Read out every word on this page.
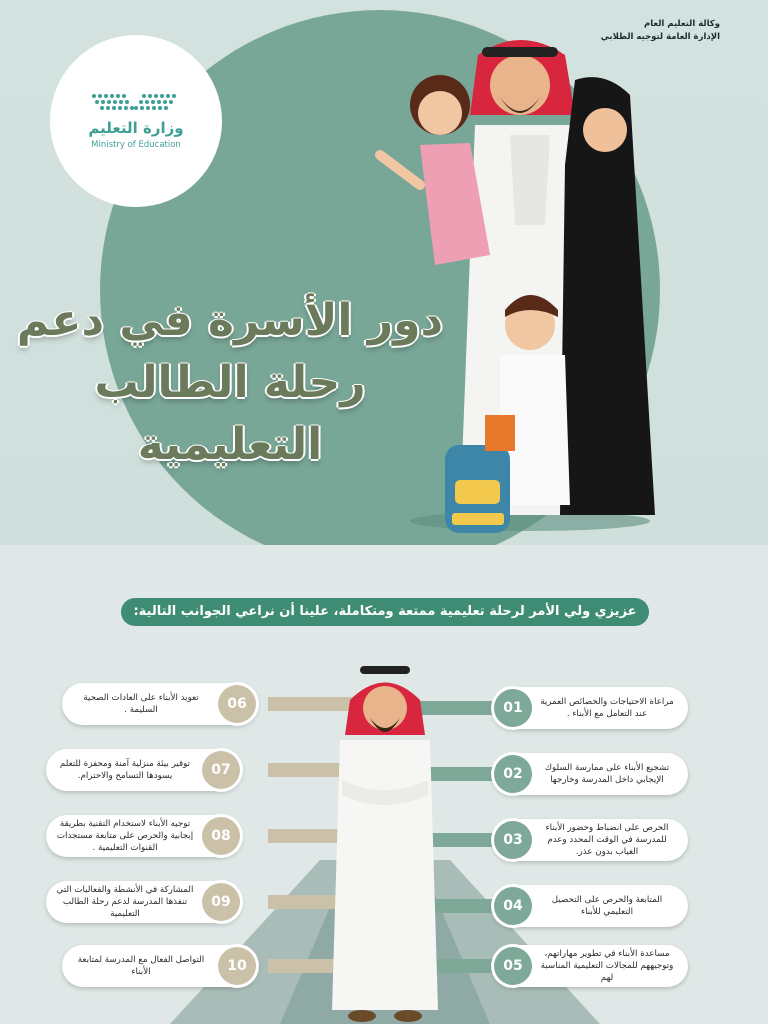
وكالة التعليم العام
الإدارة العامة لتوجيه الطلابي
وزارة التعليم
Ministry of Education
دور الأسرة في دعم
رحلة الطالب التعليمية
عزيزي ولي الأمر لرحلة تعليمية ممتعة ومتكاملة، علينا أن نراعي الجوانب التالية:
01	مراعاة الاحتياجات والخصائص العمرية عند التعامل مع الأبناء .
02	تشجيع الأبناء على ممارسة السلوك الإيجابي داخل المدرسة وخارجها
03
الحرص على انضباط وحضور الأبناء للمدرسة في الوقت المحدد وعدم الغياب بدون عذر.
04	المتابعة والحرص على التحصيل التعليمي للأبناء
05
مساعدة الأبناء في تطوير مهاراتهم، وتوجيههم للمجالات التعليمية المناسبة لهم
06
تعويد الأبناء على العادات الصحية السليمة .
07
توفير بيئة منزلية آمنة ومحفزة للتعلم يسودها التسامح والاحترام.
08
توجيه الأبناء لاستخدام التقنية بطريقة إيجابية والحرص على متابعة مستجدات القنوات التعليمية .
09
المشاركة في الأنشطة والفعاليات التي تنفذها المدرسة لدعم رحلة الطالب التعليمية
10
التواصل الفعال مع المدرسة لمتابعة الأبناء
